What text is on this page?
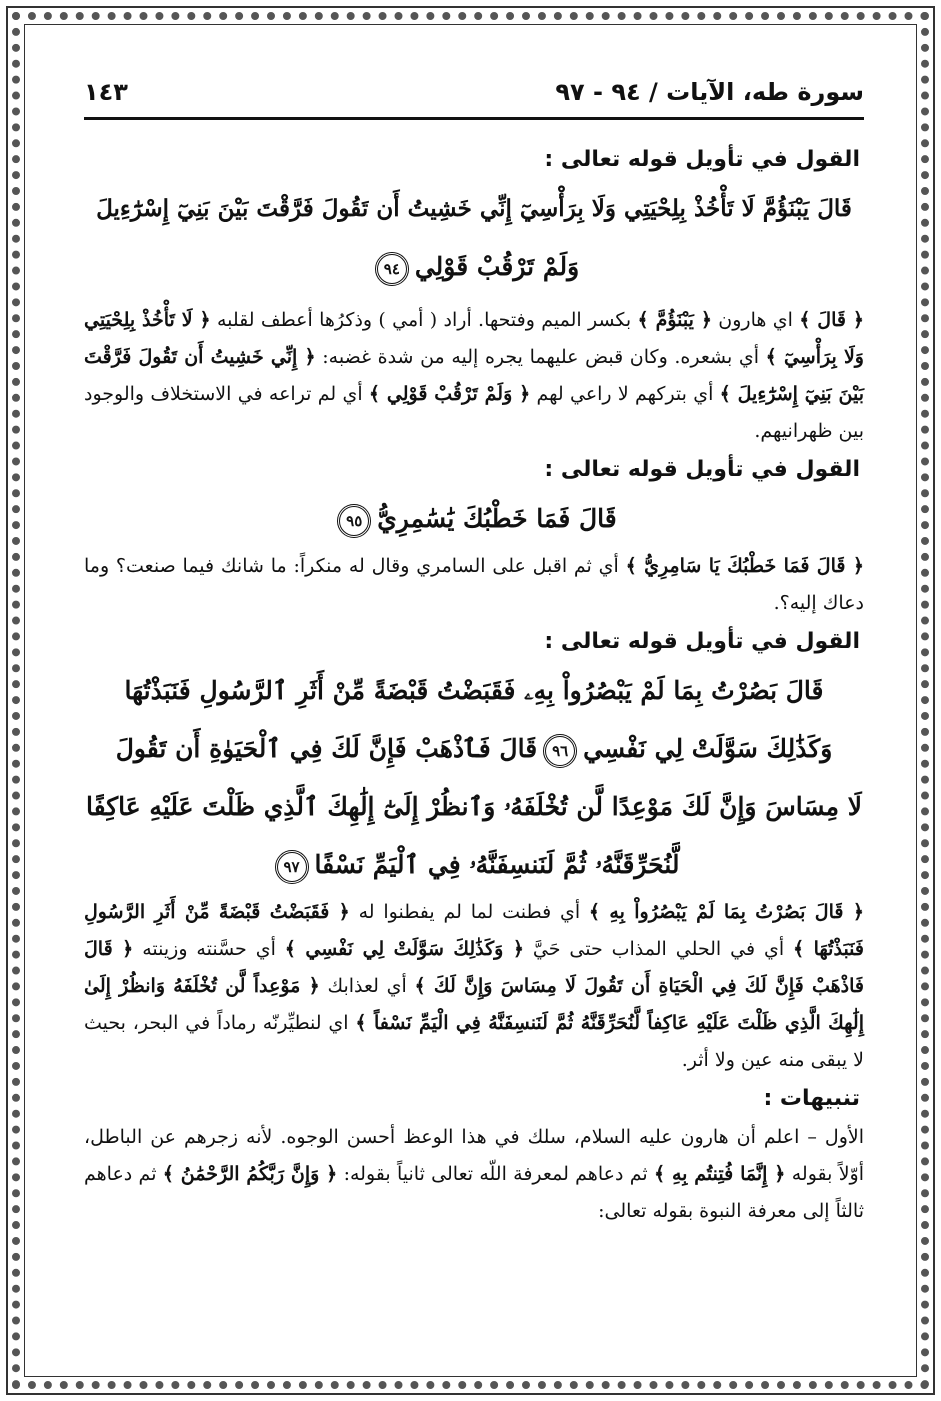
سورة طه، الآيات / ٩٤ - ٩٧
١٤٣
القول في تأويل قوله تعالى :
قَالَ يَبْنَؤُمَّ لَا تَأْخُذْ بِلِحْيَتِي وَلَا بِرَأْسِيٓ إِنِّي خَشِيتُ أَن تَقُولَ فَرَّقْتَ بَيْنَ بَنِيٓ إِسْرَٰٓءِيلَ
وَلَمْ تَرْقُبْ قَوْلِي٩٤

﴿ قَالَ ﴾ اي هارون ﴿ يَبْنَؤُمَّ ﴾ بكسر الميم وفتحها. أراد ( أمي ) وذكرُها أعطف لقلبه ﴿ لَا تَأْخُذْ بِلِحْيَتِي وَلَا بِرَأْسِيٓ ﴾ أي بشعره. وكان قبض عليهما يجره إليه من شدة غضبه: ﴿ إِنِّي خَشِيتُ أَن تَقُولَ فَرَّقْتَ بَيْنَ بَنِيٓ إِسْرَٰٓءِيلَ ﴾ أي بتركهم لا راعي لهم ﴿ وَلَمْ تَرْقُبْ قَوْلِي ﴾ أي لم تراعه في الاستخلاف والوجود بين ظهرانيهم.

القول في تأويل قوله تعالى :
قَالَ فَمَا خَطْبُكَ يَٰسَٰمِرِيُّ٩٥

﴿ قَالَ فَمَا خَطْبُكَ يَا سَامِرِيُّ ﴾ أي ثم اقبل على السامري وقال له منكراً: ما شانك فيما صنعت؟ وما دعاك إليه؟.

القول في تأويل قوله تعالى :
قَالَ بَصُرْتُ بِمَا لَمْ يَبْصُرُواْ بِهِۦ فَقَبَضْتُ قَبْضَةً مِّنْ أَثَرِ ٱلرَّسُولِ فَنَبَذْتُهَا
وَكَذَٰلِكَ سَوَّلَتْ لِي نَفْسِي٩٦قَالَ فَٱذْهَبْ فَإِنَّ لَكَ فِي ٱلْحَيَوٰةِ أَن تَقُولَ
لَا مِسَاسَ وَإِنَّ لَكَ مَوْعِدًا لَّن تُخْلَفَهُۥ وَٱنظُرْ إِلَىٰٓ إِلَٰهِكَ ٱلَّذِي ظَلْتَ عَلَيْهِ عَاكِفًا
لَّنُحَرِّقَنَّهُۥ ثُمَّ لَنَنسِفَنَّهُۥ فِي ٱلْيَمِّ نَسْفًا٩٧

﴿ قَالَ بَصُرْتُ بِمَا لَمْ يَبْصُرُواْ بِهِ ﴾ أي فطنت لما لم يفطنوا له ﴿ فَقَبَضْتُ قَبْضَةً مِّنْ أَثَرِ الرَّسُولِ فَنَبَذْتُهَا ﴾ أي في الحلي المذاب حتى حَيَّ ﴿ وَكَذَٰلِكَ سَوَّلَتْ لِي نَفْسِي ﴾ أي حسَّنته وزينته ﴿ قَالَ فَاذْهَبْ فَإِنَّ لَكَ فِي الْحَيَاةِ أَن تَقُولَ لَا مِسَاسَ وَإِنَّ لَكَ ﴾ أي لعذابك ﴿ مَوْعِداً لَّن تُخْلَفَهُ وَانظُرْ إِلَىٰ إِلَٰهِكَ الَّذِي ظَلْتَ عَلَيْهِ عَاكِفاً لَّنُحَرِّقَنَّهُ ثُمَّ لَنَنسِفَنَّهُ فِي الْيَمِّ نَسْفاً ﴾ اي لنطيِّرنّه رماداً في البحر، بحيث لا يبقى منه عين ولا أثر.

تنبيهات :

الأول – اعلم أن هارون عليه السلام، سلك في هذا الوعظ أحسن الوجوه. لأنه زجرهم عن الباطل، أوّلاً بقوله ﴿ إِنَّمَا فُتِنتُم بِهِ ﴾ ثم دعاهم لمعرفة اللّه تعالى ثانياً بقوله: ﴿ وَإِنَّ رَبَّكُمُ الرَّحْمَٰنُ ﴾ ثم دعاهم ثالثاً إلى معرفة النبوة بقوله تعالى:
